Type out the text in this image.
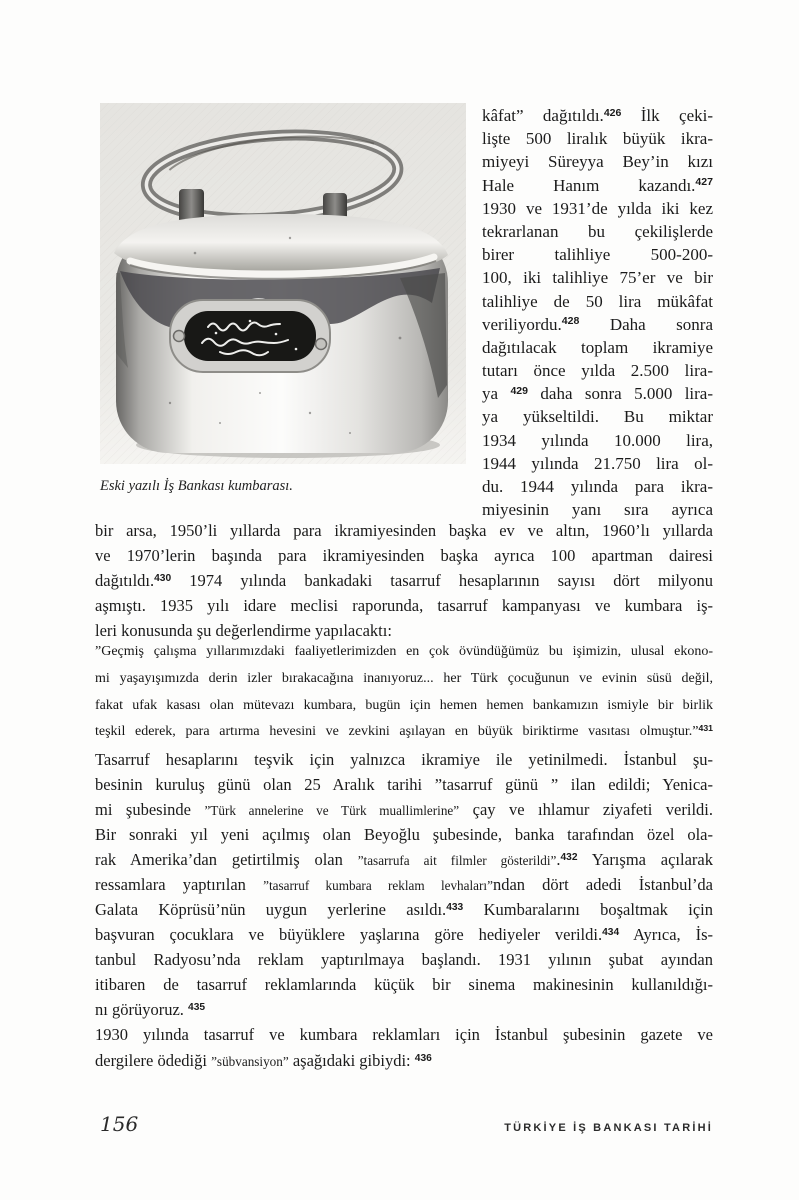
Eski yazılı İş Bankası kumbarası.
kâfat” dağıtıldı.$^{426}$ İlk çeki-
lişte 500 liralık büyük ikra-
miyeyi Süreyya Bey’in kızı
Hale Hanım kazandı.$^{427}$
1930 ve 1931’de yılda iki kez
tekrarlanan bu çekilişlerde
birer talihliye 500-200-
100, iki talihliye 75’er ve bir
talihliye de 50 lira mükâfat
veriliyordu.$^{428}$ Daha sonra
dağıtılacak toplam ikramiye
tutarı önce yılda 2.500 lira-
ya $^{429}$ daha sonra 5.000 lira-
ya yükseltildi. Bu miktar
1934 yılında 10.000 lira,
1944 yılında 21.750 lira ol-
du. 1944 yılında para ikra-
miyesinin yanı sıra ayrıca
bir arsa, 1950’li yıllarda para ikramiyesinden başka ev ve altın, 1960’lı yıllarda
ve 1970’lerin başında para ikramiyesinden başka ayrıca 100 apartman dairesi
dağıtıldı.$^{430}$ 1974 yılında bankadaki tasarruf hesaplarının sayısı dört milyonu
aşmıştı. 1935 yılı idare meclisi raporunda, tasarruf kampanyası ve kumbara iş-
leri konusunda şu değerlendirme yapılacaktı:
”Geçmiş çalışma yıllarımızdaki faaliyetlerimizden en çok övündüğümüz bu işimizin, ulusal ekono-
mi yaşayışımızda derin izler bırakacağına inanıyoruz... her Türk çocuğunun ve evinin süsü değil,
fakat ufak kasası olan mütevazı kumbara, bugün için hemen hemen bankamızın ismiyle bir birlik
teşkil ederek, para artırma hevesini ve zevkini aşılayan en büyük biriktirme vasıtası olmuştur.”$^{431}$
Tasarruf hesaplarını teşvik için yalnızca ikramiye ile yetinilmedi. İstanbul şu-
besinin kuruluş günü olan 25 Aralık tarihi ”tasarruf günü ” ilan edildi; Yenica-
mi şubesinde ”Türk annelerine ve Türk muallimlerine” çay ve ıhlamur ziyafeti verildi.
Bir sonraki yıl yeni açılmış olan Beyoğlu şubesinde, banka tarafından özel ola-
rak Amerika’dan getirtilmiş olan ”tasarrufa ait filmler gösterildi”.$^{432}$ Yarışma açılarak
ressamlara yaptırılan ”tasarruf kumbara reklam levhaları”ndan dört adedi İstanbul’da
Galata Köprüsü’nün uygun yerlerine asıldı.$^{433}$ Kumbaralarını boşaltmak için
başvuran çocuklara ve büyüklere yaşlarına göre hediyeler verildi.$^{434}$ Ayrıca, İs-
tanbul Radyosu’nda reklam yaptırılmaya başlandı. 1931 yılının şubat ayından
itibaren de tasarruf reklamlarında küçük bir sinema makinesinin kullanıldığı-
nı görüyoruz. $^{435}$
1930 yılında tasarruf ve kumbara reklamları için İstanbul şubesinin gazete ve
dergilere ödediği ”sübvansiyon” aşağıdaki gibiydi: $^{436}$
156	TÜRKİYE İŞ BANKASI TARİHİ
